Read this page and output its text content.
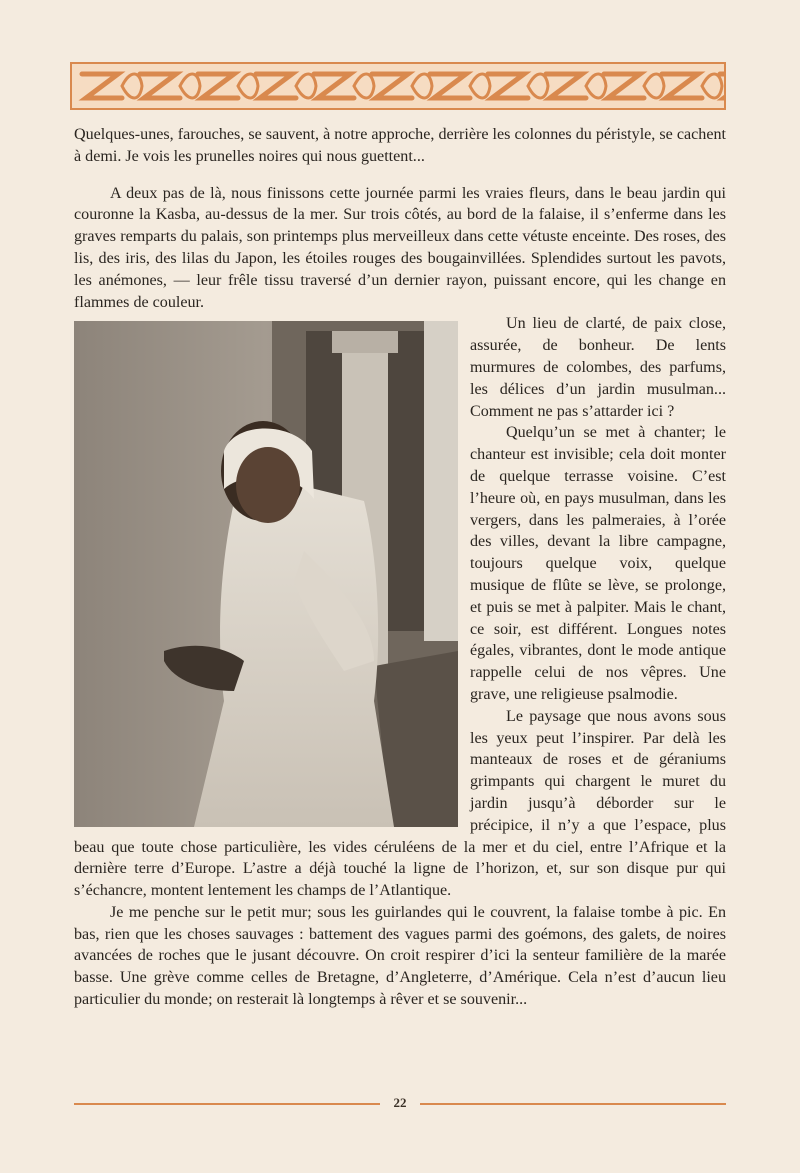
Quelques-unes, farouches, se sauvent, à notre approche, derrière les colonnes du péristyle, se cachent à demi. Je vois les prunelles noires qui nous guettent...

A deux pas de là, nous finissons cette journée parmi les vraies fleurs, dans le beau jardin qui couronne la Kasba, au-dessus de la mer. Sur trois côtés, au bord de la falaise, il s’enferme dans les graves remparts du palais, son printemps plus merveilleux dans cette vétuste enceinte. Des roses, des lis, des iris, des lilas du Japon, les étoiles rouges des bougainvillées. Splendides surtout les pavots, les anémones, — leur frêle tissu traversé d’un dernier rayon, puissant encore, qui les change en flammes de couleur.

Un lieu de clarté, de paix close, assurée, de bonheur. De lents murmures de colombes, des parfums, les délices d’un jardin musulman... Comment ne pas s’attarder ici ?

Quelqu’un se met à chanter; le chanteur est invisible; cela doit monter de quelque terrasse voisine. C’est l’heure où, en pays musulman, dans les vergers, dans les palmeraies, à l’orée des villes, devant la libre campagne, toujours quelque voix, quelque musique de flûte se lève, se prolonge, et puis se met à palpiter. Mais le chant, ce soir, est différent. Longues notes égales, vibrantes, dont le mode antique rappelle celui de nos vêpres. Une grave, une religieuse psalmodie.

Le paysage que nous avons sous les yeux peut l’inspirer. Par delà les manteaux de roses et de géraniums grimpants qui chargent le muret du jardin jusqu’à déborder sur le précipice, il n’y a que l’espace, plus beau que toute chose particulière, les vides céruléens de la mer et du ciel, entre l’Afrique et la dernière terre d’Europe. L’astre a déjà touché la ligne de l’horizon, et, sur son disque pur qui s’échancre, montent lentement les champs de l’Atlantique.

Je me penche sur le petit mur; sous les guirlandes qui le couvrent, la falaise tombe à pic. En bas, rien que les choses sauvages : battement des vagues parmi des goémons, des galets, de noires avancées de roches que le jusant découvre. On croit respirer d’ici la senteur familière de la marée basse. Une grève comme celles de Bretagne, d’Angleterre, d’Amérique. Cela n’est d’aucun lieu particulier du monde; on resterait là longtemps à rêver et se souvenir...

22
